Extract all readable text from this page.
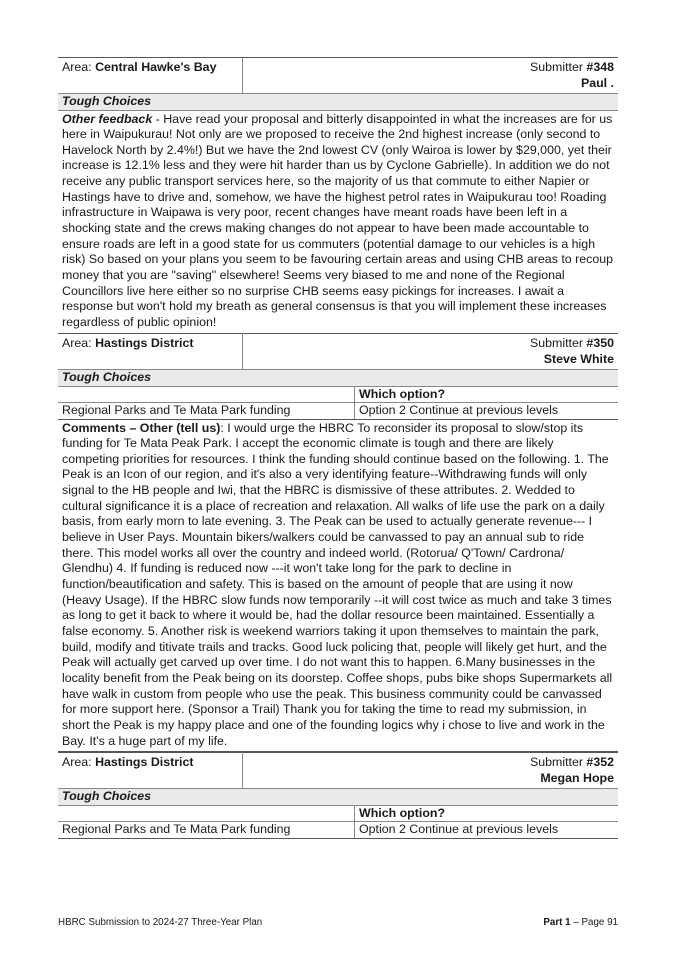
Area: Central Hawke's Bay	Submitter #348
Paul .
Tough Choices
Other feedback - Have read your proposal and bitterly disappointed in what the increases are for us here in Waipukurau! Not only are we proposed to receive the 2nd highest increase (only second to Havelock North by 2.4%!) But we have the 2nd lowest CV (only Wairoa is lower by $29,000, yet their increase is 12.1% less and they were hit harder than us by Cyclone Gabrielle). In addition we do not receive any public transport services here, so the majority of us that commute to either Napier or Hastings have to drive and, somehow, we have the highest petrol rates in Waipukurau too! Roading infrastructure in Waipawa is very poor, recent changes have meant roads have been left in a shocking state and the crews making changes do not appear to have been made accountable to ensure roads are left in a good state for us commuters (potential damage to our vehicles is a high risk) So based on your plans you seem to be favouring certain areas and using CHB areas to recoup money that you are "saving" elsewhere! Seems very biased to me and none of the Regional Councillors live here either so no surprise CHB seems easy pickings for increases. I await a response but won't hold my breath as general consensus is that you will implement these increases regardless of public opinion!
Area: Hastings District	Submitter #350
Steve White
Tough Choices
	Which option?
Regional Parks and Te Mata Park funding	Option 2 Continue at previous levels
Comments – Other (tell us): I would urge the HBRC To reconsider its proposal to slow/stop its funding for Te Mata Peak Park. I accept the economic climate is tough and there are likely competing priorities for resources. I think the funding should continue based on the following. 1. The Peak is an Icon of our region, and it's also a very identifying feature--Withdrawing funds will only signal to the HB people and Iwi, that the HBRC is dismissive of these attributes. 2. Wedded to cultural significance it is a place of recreation and relaxation. All walks of life use the park on a daily basis, from early morn to late evening. 3. The Peak can be used to actually generate revenue--- I believe in User Pays. Mountain bikers/walkers could be canvassed to pay an annual sub to ride there. This model works all over the country and indeed world. (Rotorua/ Q'Town/ Cardrona/ Glendhu) 4. If funding is reduced now ---it won't take long for the park to decline in function/beautification and safety. This is based on the amount of people that are using it now (Heavy Usage). If the HBRC slow funds now temporarily --it will cost twice as much and take 3 times as long to get it back to where it would be, had the dollar resource been maintained. Essentially a false economy. 5. Another risk is weekend warriors taking it upon themselves to maintain the park, build, modify and titivate trails and tracks. Good luck policing that, people will likely get hurt, and the Peak will actually get carved up over time. I do not want this to happen. 6.Many businesses in the locality benefit from the Peak being on its doorstep. Coffee shops, pubs bike shops Supermarkets all have walk in custom from people who use the peak. This business community could be canvassed for more support here. (Sponsor a Trail) Thank you for taking the time to read my submission, in short the Peak is my happy place and one of the founding logics why i chose to live and work in the Bay. It's a huge part of my life.
Area: Hastings District	Submitter #352
Megan Hope
Tough Choices
	Which option?
Regional Parks and Te Mata Park funding	Option 2 Continue at previous levels
HBRC Submission to 2024-27 Three-Year Plan	Part 1 – Page 91
